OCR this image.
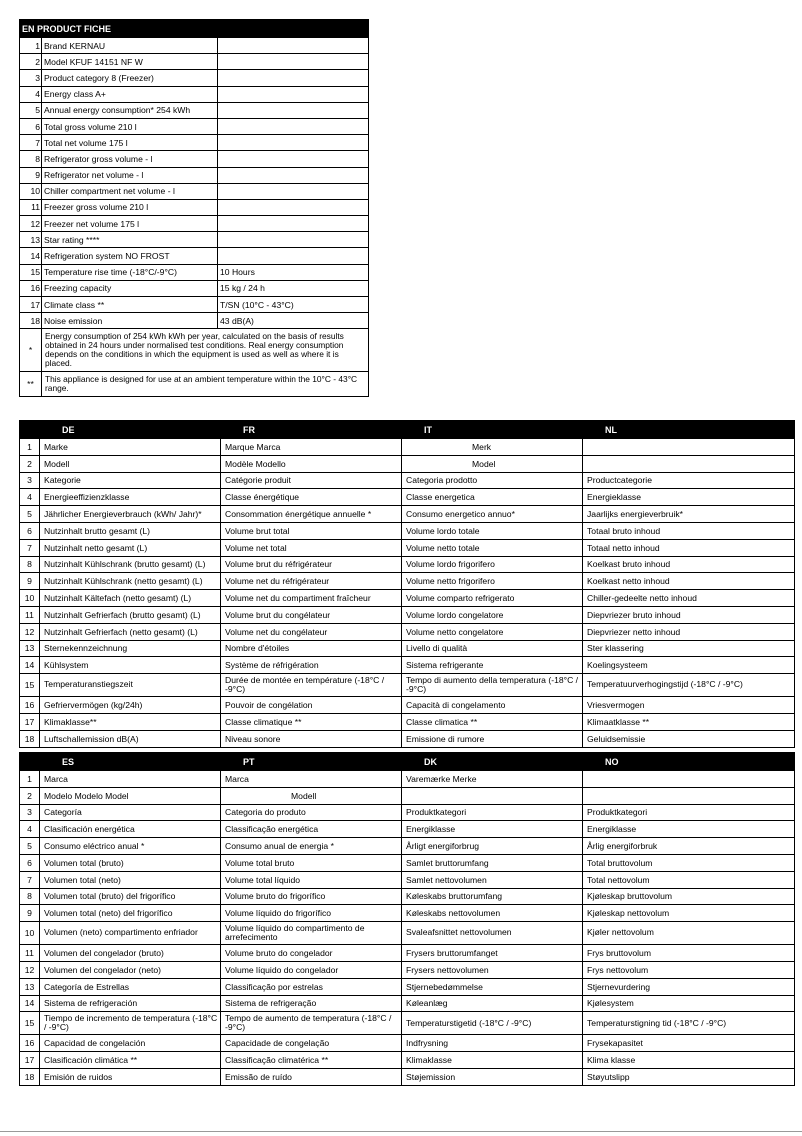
EN PRODUCT FICHE		
1	Brand KERNAU	
2	Model KFUF 14151 NF W	
3	Product category 8 (Freezer)	
4	Energy class A+	
5	Annual energy consumption* 254 kWh	
6	Total gross volume 210 l	
7	Total net volume 175 l	
8	Refrigerator gross volume - l	
9	Refrigerator net volume - l	
10	Chiller compartment net volume - l	
11	Freezer gross volume 210 l	
12	Freezer net volume 175 l	
13	Star rating ****	
14	Refrigeration system NO FROST	
15	Temperature rise time (-18°C/-9°C)	10 Hours
16	Freezing capacity	15 kg / 24 h
17	Climate class **	T/SN (10°C - 43°C)
18	Noise emission	43 dB(A)
*	Energy consumption of 254 kWh kWh per year, calculated on the basis of results obtained in 24 hours under normalised test conditions. Real energy consumption depends on the conditions in which the equipment is used as well as where it is placed.	
**	This appliance is designed for use at an ambient temperature within the 10°C - 43°C range.	
	DE	FR	IT	NL
1	Marke	Marque Marca	Merk	
2	Modell	Modèle Modello	Model	
3	Kategorie	Catégorie produit	Categoria prodotto	Productcategorie
4	Energieeffizienzklasse	Classe énergétique	Classe energetica	Energieklasse
5	Jährlicher Energieverbrauch (kWh/ Jahr)*	Consommation énergétique annuelle *	Consumo energetico annuo*	Jaarlijks energieverbruik*
6	Nutzinhalt brutto gesamt (L)	Volume brut total	Volume lordo totale	Totaal bruto inhoud
7	Nutzinhalt netto gesamt (L)	Volume net total	Volume netto totale	Totaal netto inhoud
8	Nutzinhalt Kühlschrank (brutto gesamt) (L)	Volume brut du réfrigérateur	Volume lordo frigorifero	Koelkast bruto inhoud
9	Nutzinhalt Kühlschrank (netto gesamt) (L)	Volume net du réfrigérateur	Volume netto frigorifero	Koelkast netto inhoud
10	Nutzinhalt Kältefach (netto gesamt) (L)	Volume net du compartiment fraîcheur	Volume comparto refrigerato	Chiller-gedeelte netto inhoud
11	Nutzinhalt Gefrierfach (brutto gesamt) (L)	Volume brut du congélateur	Volume lordo congelatore	Diepvriezer bruto inhoud
12	Nutzinhalt Gefrierfach (netto gesamt) (L)	Volume net du congélateur	Volume netto congelatore	Diepvriezer netto inhoud
13	Sternekennzeichnung	Nombre d'étoiles	Livello di qualità	Ster klassering
14	Kühlsystem	Système de réfrigération	Sistema refrigerante	Koelingsysteem
15	Temperaturanstiegszeit	Durée de montée en température (-18°C / -9°C)	Tempo di aumento della temperatura (-18°C / -9°C)	Temperatuurverhogingstijd (-18°C / -9°C)
16	Gefriervermögen (kg/24h)	Pouvoir de congélation	Capacità di congelamento	Vriesvermogen
17	Klimaklasse**	Classe climatique **	Classe climatica **	Klimaatklasse **
18	Luftschallemission dB(A)	Niveau sonore	Emissione di rumore	Geluidsemissie
	ES	PT	DK	NO
1	Marca	Marca	Varemærke Merke	
2	Modelo Modelo Model	Modell		
3	Categoría	Categoria do produto	Produktkategori	Produktkategori
4	Clasificación energética	Classificação energética	Energiklasse	Energiklasse
5	Consumo eléctrico anual *	Consumo anual de energia *	Årligt energiforbrug	Årlig energiforbruk
6	Volumen total (bruto)	Volume total bruto	Samlet bruttorumfang	Total bruttovolum
7	Volumen total (neto)	Volume total líquido	Samlet nettovolumen	Total nettovolum
8	Volumen total (bruto) del frigorífico	Volume bruto do frigorífico	Køleskabs bruttorumfang	Kjøleskap bruttovolum
9	Volumen total (neto) del frigorífico	Volume líquido do frigorífico	Køleskabs nettovolumen	Kjøleskap nettovolum
10	Volumen (neto) compartimento enfriador	Volume líquido do compartimento de arrefecimento	Svaleafsnittet nettovolumen	Kjøler nettovolum
11	Volumen del congelador (bruto)	Volume bruto do congelador	Frysers bruttorumfanget	Frys bruttovolum
12	Volumen del congelador (neto)	Volume líquido do congelador	Frysers nettovolumen	Frys nettovolum
13	Categoría de Estrellas	Classificação por estrelas	Stjernebedømmelse	Stjernevurdering
14	Sistema de refrigeración	Sistema de refrigeração	Køleanlæg	Kjølesystem
15	Tiempo de incremento de temperatura (-18°C / -9°C)	Tempo de aumento de temperatura (-18°C / -9°C)	Temperaturstigetid (-18°C / -9°C)	Temperaturstigning tid (-18°C / -9°C)
16	Capacidad de congelación	Capacidade de congelação	Indfrysning	Frysekapasitet
17	Clasificación climática **	Classificação climatérica **	Klimaklasse	Klima klasse
18	Emisión de ruidos	Emissão de ruído	Støjemission	Støyutslipp
